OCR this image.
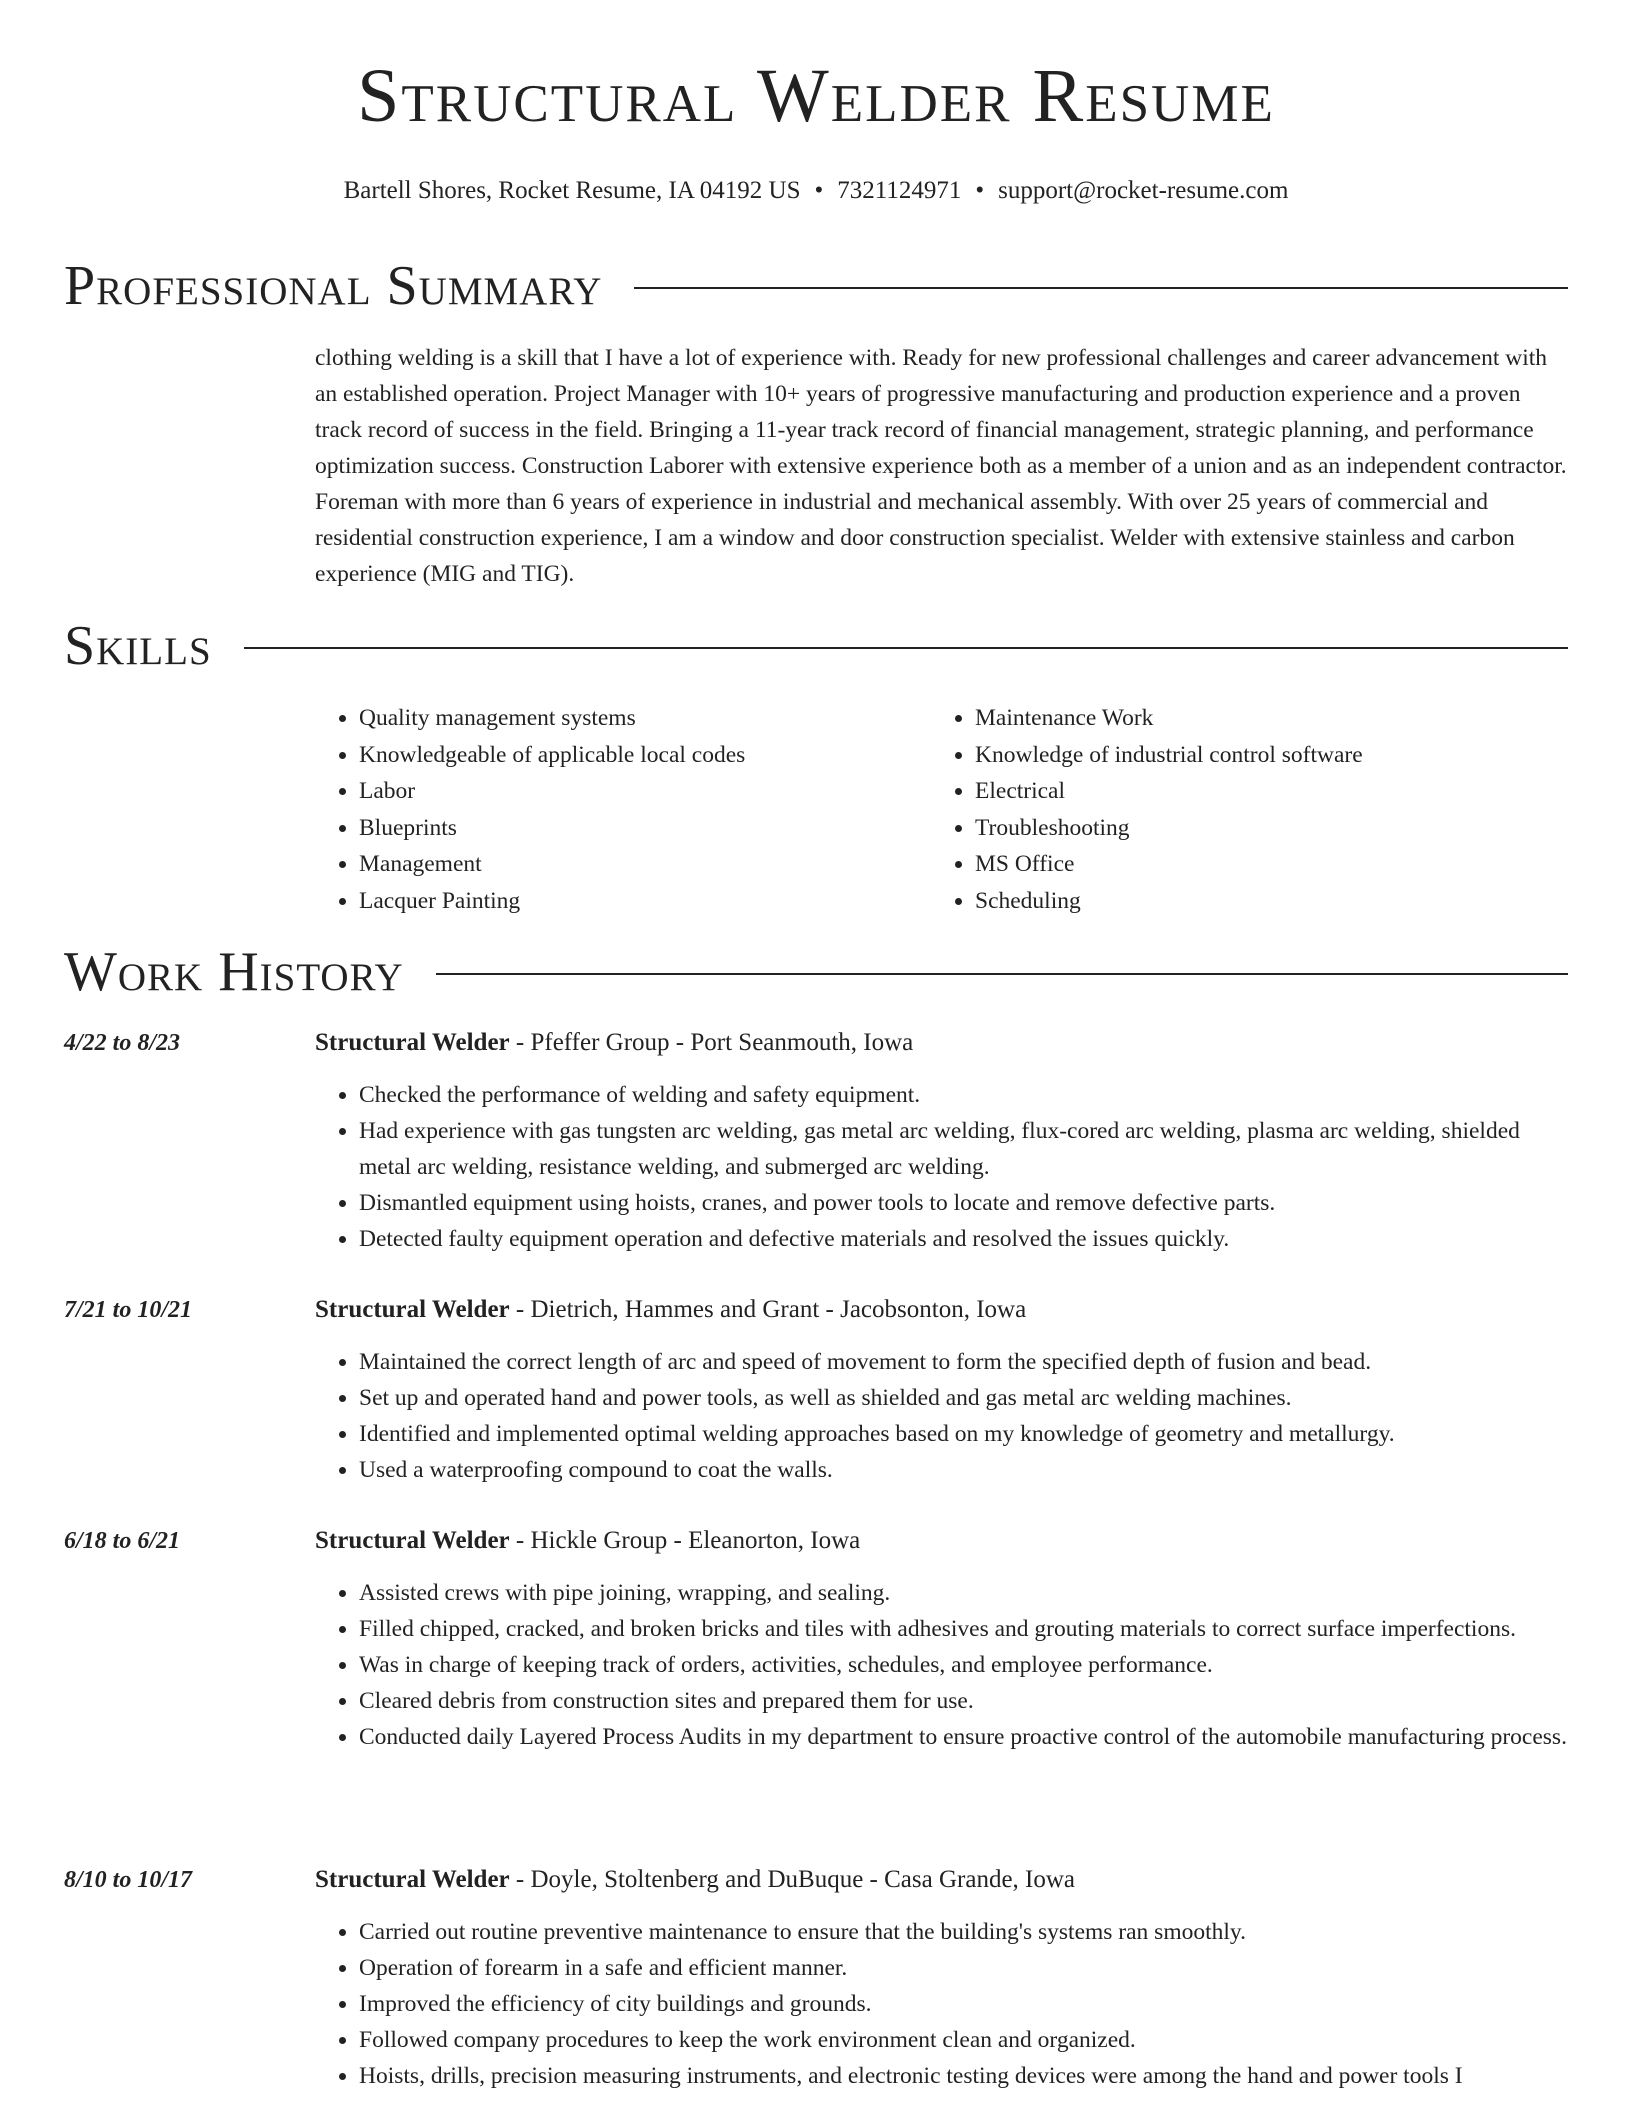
Structural Welder Resume
Bartell Shores, Rocket Resume, IA 04192 US • 7321124971 • support@rocket-resume.com
Professional Summary

clothing welding is a skill that I have a lot of experience with. Ready for new professional challenges and career advancement with an established operation. Project Manager with 10+ years of progressive manufacturing and production experience and a proven track record of success in the field. Bringing a 11-year track record of financial management, strategic planning, and performance optimization success. Construction Laborer with extensive experience both as a member of a union and as an independent contractor. Foreman with more than 6 years of experience in industrial and mechanical assembly. With over 25 years of commercial and residential construction experience, I am a window and door construction specialist. Welder with extensive stainless and carbon experience (MIG and TIG).

Skills
• Quality management systems
• Knowledgeable of applicable local codes
• Labor
• Blueprints
• Management
• Lacquer Painting
• Maintenance Work
• Knowledge of industrial control software
• Electrical
• Troubleshooting
• MS Office
• Scheduling
Work History
4/22 to 8/23	Structural Welder - Pfeffer Group - Port Seanmouth, Iowa
• Checked the performance of welding and safety equipment.
• Had experience with gas tungsten arc welding, gas metal arc welding, flux-cored arc welding, plasma arc welding, shielded metal arc welding, resistance welding, and submerged arc welding.
• Dismantled equipment using hoists, cranes, and power tools to locate and remove defective parts.
• Detected faulty equipment operation and defective materials and resolved the issues quickly.
7/21 to 10/21	Structural Welder - Dietrich, Hammes and Grant - Jacobsonton, Iowa
• Maintained the correct length of arc and speed of movement to form the specified depth of fusion and bead.
• Set up and operated hand and power tools, as well as shielded and gas metal arc welding machines.
• Identified and implemented optimal welding approaches based on my knowledge of geometry and metallurgy.
• Used a waterproofing compound to coat the walls.
6/18 to 6/21	Structural Welder - Hickle Group - Eleanorton, Iowa
• Assisted crews with pipe joining, wrapping, and sealing.
• Filled chipped, cracked, and broken bricks and tiles with adhesives and grouting materials to correct surface imperfections.
• Was in charge of keeping track of orders, activities, schedules, and employee performance.
• Cleared debris from construction sites and prepared them for use.
• Conducted daily Layered Process Audits in my department to ensure proactive control of the automobile manufacturing process.
8/10 to 10/17	Structural Welder - Doyle, Stoltenberg and DuBuque - Casa Grande, Iowa
• Carried out routine preventive maintenance to ensure that the building's systems ran smoothly.
• Operation of forearm in a safe and efficient manner.
• Improved the efficiency of city buildings and grounds.
• Followed company procedures to keep the work environment clean and organized.
• Hoists, drills, precision measuring instruments, and electronic testing devices were among the hand and power tools I
